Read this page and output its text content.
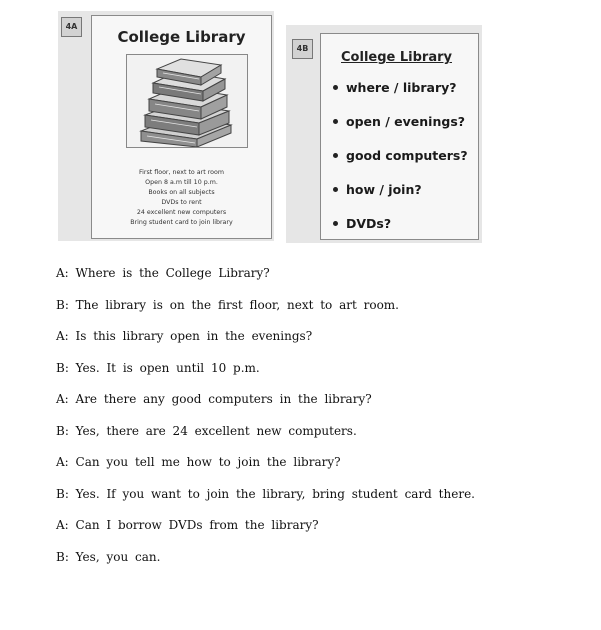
4A
College Library
First floor, next to art room
Open 8 a.m till 10 p.m.
Books on all subjects
DVDs to rent
24 excellent new computers
Bring student card to join library
4B
College Library
where / library?
open / evenings?
good computers?
how / join?
DVDs?
A: Where is the College Library?
B: The library is on the first floor, next to art room.
A: Is this library open in the evenings?
B: Yes. It is open until 10 p.m.
A: Are there any good computers in the library?
B: Yes, there are 24 excellent new computers.
A: Can you tell me how to join the library?
B: Yes. If you want to join the library, bring student card there.
A: Can I borrow DVDs from the library?
B: Yes, you can.
